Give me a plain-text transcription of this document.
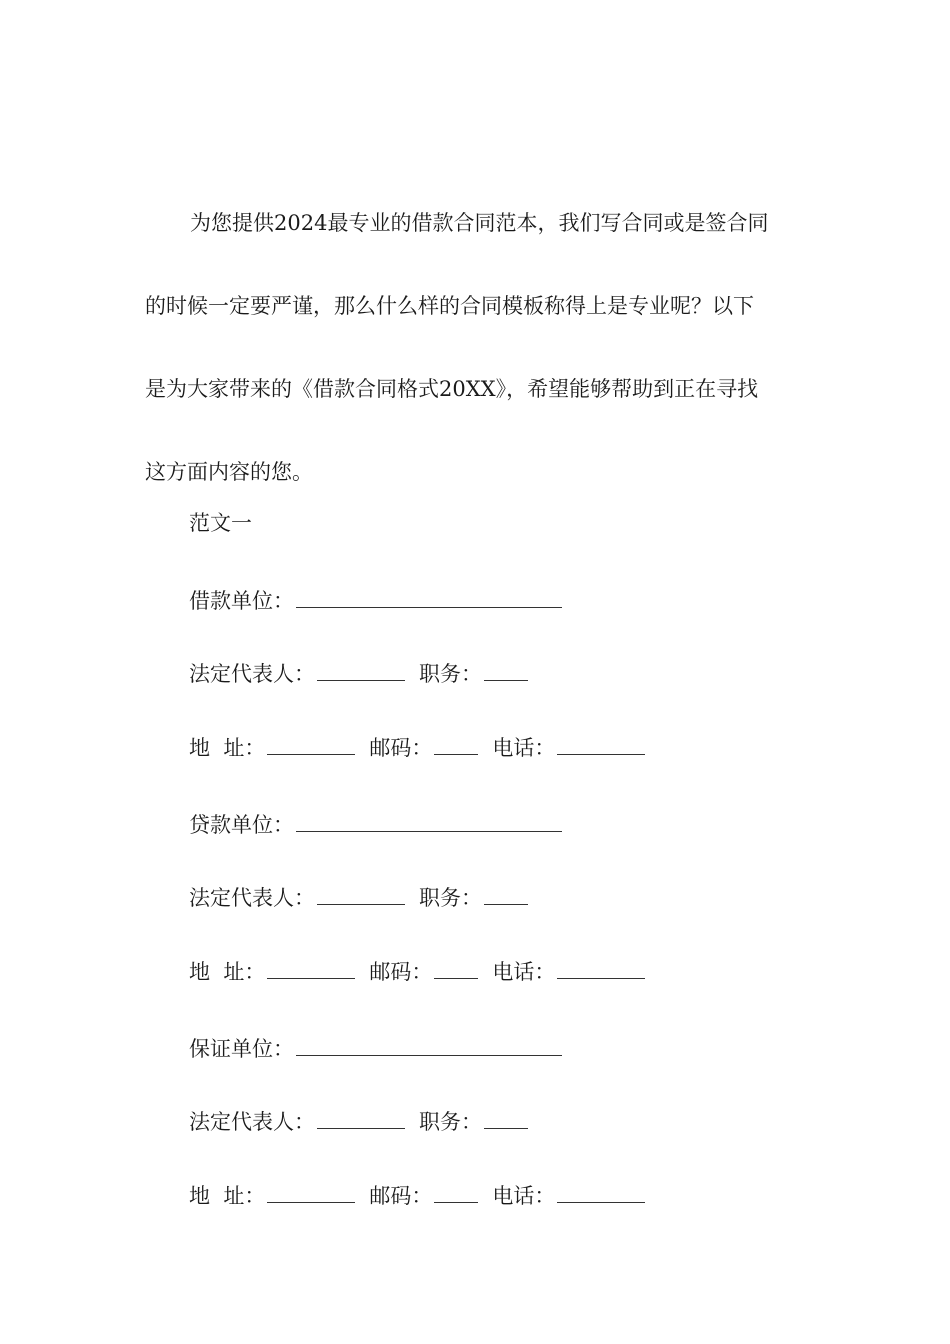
为您提供2024最专业的借款合同范本，我们写合同或是签合同
的时候一定要严谨，那么什么样的合同模板称得上是专业呢？以下
是为大家带来的《借款合同格式20XX》，希望能够帮助到正在寻找
这方面内容的您。
范文一
借款单位：
法定代表人：	职务：
地  址：	邮码：	电话：
贷款单位：
法定代表人：	职务：
地  址：	邮码：	电话：
保证单位：
法定代表人：	职务：
地  址：	邮码：	电话：
